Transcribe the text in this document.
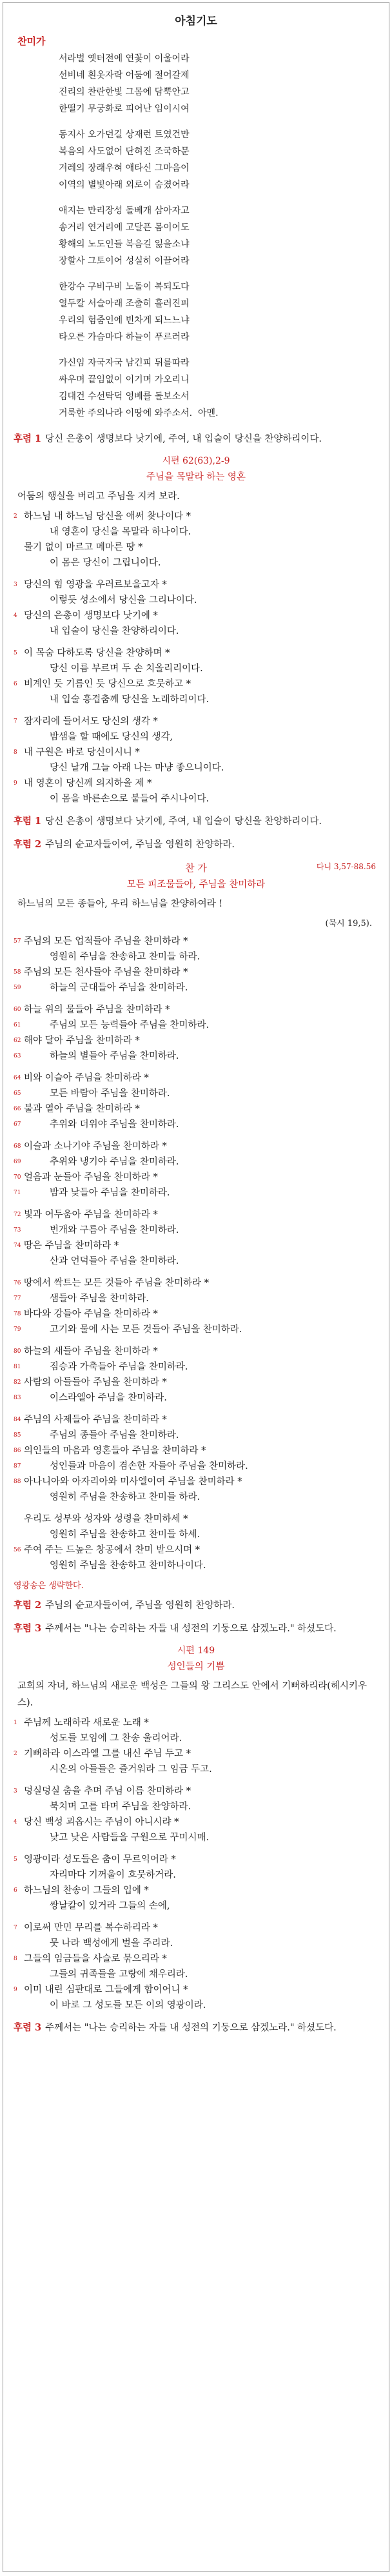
아침기도
찬미가
서라벌 옛터전에 연꽃이 이울어라
선비네 흰옷자락 어둠에 절어갈제
진리의 찬란한빛 그몸에 담뿍안고
한떨기 무궁화로 피어난 임이시여
동지사 오가던길 상재런 트였건만
복음의 사도없어 단혀진 조국하문
겨레의 장래우혀 애타신 그마음이
이역의 별빛아래 외로이 숨졌어라
애지는 만리장성 돌베개 삼아자고
송거리 연거리에 고달픈 몸이어도
황해의 노도인들 복음길 잃을소냐
장할사 그토이어 성실히 이끌어라
한강수 구비구비 노돌이 복되도다
열두칼 서슬아래 조출히 흘러진피
우리의 험줌인에 빈차게 되느느냐
타오른 가슴마다 하늘이 푸르러라
가신임 자국자국 남긴피 뒤를따라
싸우며 끝임없이 이기며 가오리니
김대건 수선탁덕 영베를 돌보소서
거룩한 주의나라 이땅에 와주소서.  아멘.
후렴 1 당신 은총이 생명보다 낫기에, 주여, 내 입술이 당신을 찬양하리이다.
시편 62(63),2-9
주님을 목말라 하는 영혼
어둠의 행실을 버리고 주님을 지켜 보라.
2 하느님 내 하느님 당신을 애써 찾나이다 *
내 영혼이 당신을 목말라 하나이다.
물기 없이 마르고 메마른 땅 *
이 몸은 당신이 그립니이다.
3 당신의 힘 영광을 우러르보을고자 *
이렇듯 성소에서 당신을 그리나이다.
4 당신의 은총이 생명보다 낫기에 *
내 입술이 당신을 찬양하리이다.
5 이 목숨 다하도록 당신을 찬양하며 *
당신 이름 부르며 두 손 치올리리이다.
6 비계인 듯 기름인 듯 당신으로 흐뭇하고 *
내 입술 흥겹춤께 당신을 노래하리이다.
7 잠자리에 들어서도 당신의 생각 *
밤샘을 할 때에도 당신의 생각,
8 내 구원은 바로 당신이시니 *
당신 날개 그늘 아래 나는 마냥 좋으니이다.
9 내 영혼이 당신께 의지하올 제 *
이 몸을 바른손으로 붙들어 주시나이다.
후렴 1 당신 은총이 생명보다 낫기에, 주여, 내 입술이 당신을 찬양하리이다.
후렴 2 주님의 순교자들이여, 주님을 영원히 찬양하라.
찬 가	다니 3,57-88.56
모든 피조물들아, 주님을 찬미하라
하느님의 모든 종들아, 우리 하느님을 찬양하여라 !
(묵시 19,5).
57 주님의 모든 업적들아 주님을 찬미하라 *
영원히 주님을 찬송하고 찬미들 하라.
58 주님의 모든 천사들아 주님을 찬미하라 *
59	하늘의 군대들아 주님을 찬미하라.
60 하늘 위의 물들아 주님을 찬미하라 *
61	주님의 모든 능력들아 주님을 찬미하라.
62 해야 달아 주님을 찬미하라 *
63	하늘의 별들아 주님을 찬미하라.
64 비와 이슬아 주님을 찬미하라 *
65	모든 바람아 주님을 찬미하라.
66 불과 열아 주님을 찬미하라 *
67	추위와 더위야 주님을 찬미하라.
68 이슬과 소나기야 주님을 찬미하라 *
69	추위와 냉기야 주님을 찬미하라.
70 얼음과 눈들아 주님을 찬미하라 *
71	밤과 낮들아 주님을 찬미하라.
72 빛과 어두움아 주님을 찬미하라 *
73	번개와 구름아 주님을 찬미하라.
74 땅은 주님을 찬미하라 *
산과 언덕들아 주님을 찬미하라.
76 땅에서 싹트는 모든 것들아 주님을 찬미하라 *
77	샘들아 주님을 찬미하라.
78 바다와 강들아 주님을 찬미하라 *
79	고기와 물에 사는 모든 것들아 주님을 찬미하라.
80 하늘의 새들아 주님을 찬미하라 *
81	짐승과 가축들아 주님을 찬미하라.
82 사람의 아들들아 주님을 찬미하라 *
83	이스라엘아 주님을 찬미하라.
84 주님의 사제들아 주님을 찬미하라 *
85	주님의 종들아 주님을 찬미하라.
86 의인들의 마음과 영혼들아 주님을 찬미하라 *
87	성인들과 마음이 겸손한 자들아 주님을 찬미하라.
88 아나니아와 아자리아와 미사엘이여 주님을 찬미하라 *
영원히 주님을 찬송하고 찬미들 하라.
우리도 성부와 성자와 성령을 찬미하세 *
영원히 주님을 찬송하고 찬미들 하세.
56 주여 주는 드높은 창공에서 찬미 받으시며 *
영원히 주님을 찬송하고 찬미하나이다.
영광송은 생략한다.
후렴 2 주님의 순교자들이여, 주님을 영원히 찬양하라.
후렴 3 주께서는 "나는 승리하는 자들 내 성전의 기둥으로 삼겠노라." 하셨도다.
시편 149
성인들의 기쁨
교회의 자녀, 하느님의 새로운 백성은 그들의 왕 그리스도 안에서 기뻐하리라(헤시키우스).
1 주님께 노래하라 새로운 노래 *
성도들 모임에 그 찬송 울리어라.
2 기뻐하라 이스라엘 그를 내신 주님 두고 *
시온의 아들들은 즐거워라 그 임금 두고.
3 덩실덩실 춤을 추며 주님 이름 찬미하라 *
북치며 고를 타며 주님을 찬양하라.
4 당신 백성 괴옵시는 주님이 아니시랴 *
낮고 낮은 사람들을 구원으로 꾸미시매.
5 영광이라 성도들은 춤이 무르익어라 *
자리마다 기꺼울이 흐뭇하거라.
6 하느님의 찬송이 그들의 입에 *
쌍날칼이 있거라 그들의 손에,
7 이로써 만민 무리를 복수하리라 *
뭇 나라 백성에게 벌을 주리라.
8 그들의 임금들을 사슬로 묶으리라 *
그들의 귀족들을 고랑에 채우리라.
9 이미 내린 심판대로 그들에게 함이어니 *
이 바로 그 성도들 모든 이의 영광이라.
후렴 3 주께서는 "나는 승리하는 자들 내 성전의 기둥으로 삼겠노라." 하셨도다.
